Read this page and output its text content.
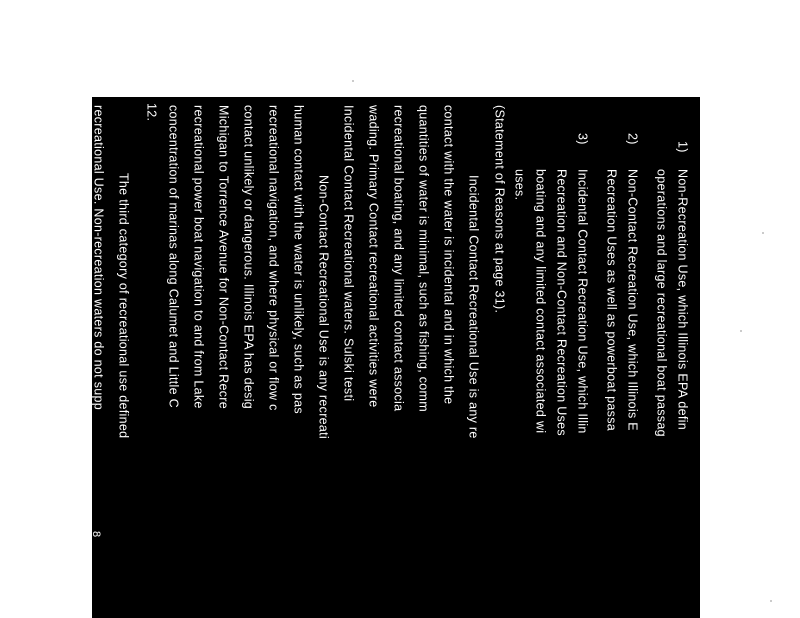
1)
Non-Recreation Use, which Illinois EPA defin
operations and large recreational boat passag
2)
Non-Contact Recreation Use, which Illinois E
Recreation Uses as well as powerboat passa
3)
Incidental Contact Recreation Use, which Illin
Recreation and Non-Contact Recreation Uses
boating and any limited contact associated wi
uses.
(Statement of Reasons at page 31).
Incidental Contact Recreational Use is any re
contact with the water is incidental and in which the
quantities of water is minimal, such as fishing, comm
recreational boating, and any limited contact associa
wading. Primary Contact recreational activities were
Incidental Contact Recreational waters. Sulski testi
Non-Contact Recreational Use is any recreati
human contact with the water is unlikely, such as pas
recreational navigation, and where physical or flow c
contact unlikely or dangerous. Illinois EPA has desig
Michigan to Torrence Avenue for Non-Contact Recre
recreational power boat navigation to and from Lake
concentration of marinas along Calumet and Little C
12.
The third category of recreational use defined
recreational Use. Non-recreation waters do not supp
contact or non-contact recreation due to physical or
8
